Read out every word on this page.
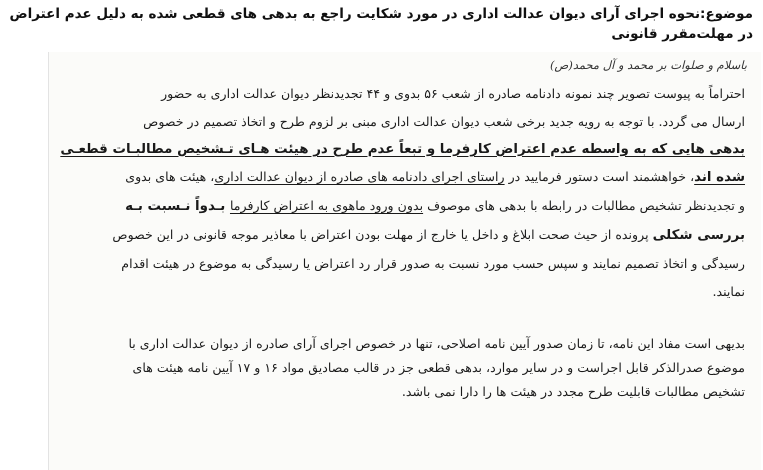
موضوع:نحوه اجرای آرای دیوان عدالت اداری در مورد شکایت راجع به بدهی های قطعی شده به دلیل عدم اعتراض در مهلت‌مقرر قانونی
باسلام و صلوات بر محمد و آل محمد(ص)
احتراماً به پیوست تصویر چند نمونه دادنامه صادره از شعب ۵۶ بدوی و ۴۴ تجدیدنظر دیوان عدالت اداری به حضور
ارسال می گردد. با توجه به رویه جدید برخی شعب دیوان عدالت اداری مبنی بر لزوم طرح و اتخاذ تصمیم در خصوص
بدهی هایی که به واسطه عدم اعتراض کارفرما و تبعاً عدم طرح در هیئت هـای تـشخیص مطالبـات قطعـی
شده اند، خواهشمند است دستور فرمایید در راستای اجرای دادنامه های صادره از دیوان عدالت اداری، هیئت های بدوی
و تجدیدنظر تشخیص مطالبات در رابطه با بدهی های موصوف بدون ورود ماهوی به اعتراض کارفرما بـدواً نـسبت بـه
بررسی شکلی پرونده از حیث صحت ابلاغ و داخل یا خارج از مهلت بودن اعتراض با معاذیر موجه قانونی در این خصوص
رسیدگی و اتخاذ تصمیم نمایند و سپس حسب مورد نسبت به صدور قرار رد اعتراض یا رسیدگی به موضوع در هیئت اقدام
نمایند.
بدیهی است مفاد این نامه، تا زمان صدور آیین نامه اصلاحی، تنها در خصوص اجرای آرای صادره از دیوان عدالت اداری با
موضوع صدرالذکر قابل اجراست و در سایر موارد، بدهی قطعی جز در قالب مصادیق مواد ۱۶ و ۱۷ آیین نامه هیئت های
تشخیص مطالبات قابلیت طرح مجدد در هیئت ها را دارا نمی باشد.
